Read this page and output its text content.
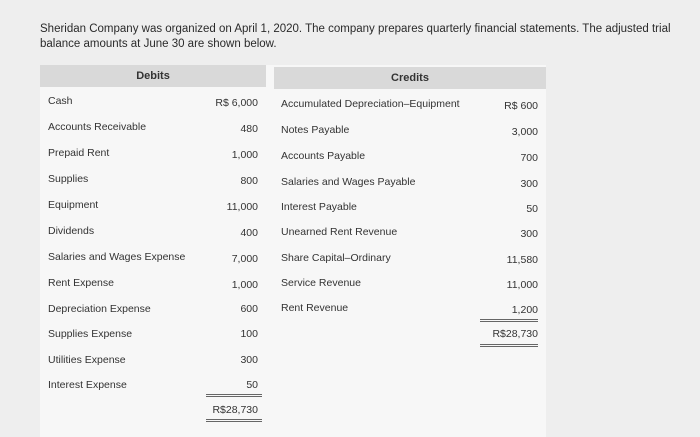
Sheridan Company was organized on April 1, 2020. The company prepares quarterly financial statements. The adjusted trial balance amounts at June 30 are shown below.
Debits	Credits
Cash	R$ 6,000
Accounts Receivable	480
Prepaid Rent	1,000
Supplies	800
Equipment	11,000
Dividends	400
Salaries and Wages Expense	7,000
Rent Expense	1,000
Depreciation Expense	600
Supplies Expense	100
Utilities Expense	300
Interest Expense	50
R$28,730
Accumulated Depreciation–Equipment	R$ 600
Notes Payable	3,000
Accounts Payable	700
Salaries and Wages Payable	300
Interest Payable	50
Unearned Rent Revenue	300
Share Capital–Ordinary	11,580
Service Revenue	11,000
Rent Revenue	1,200
R$28,730
